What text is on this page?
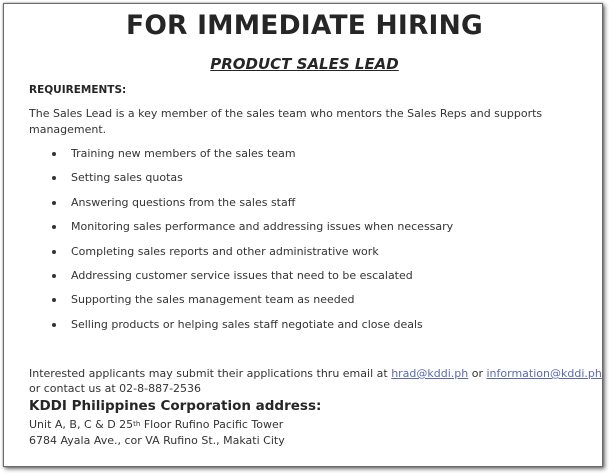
FOR IMMEDIATE HIRING
PRODUCT SALES LEAD
REQUIREMENTS:
The Sales Lead is a key member of the sales team who mentors the Sales Reps and supports management.
Training new members of the sales team
Setting sales quotas
Answering questions from the sales staff
Monitoring sales performance and addressing issues when necessary
Completing sales reports and other administrative work
Addressing customer service issues that need to be escalated
Supporting the sales management team as needed
Selling products or helping sales staff negotiate and close deals
Interested applicants may submit their applications thru email at hrad@kddi.ph or information@kddi.ph
or contact us at 02-8-887-2536
KDDI Philippines Corporation address:
Unit A, B, C & D 25th Floor Rufino Pacific Tower
6784 Ayala Ave., cor VA Rufino St., Makati City
